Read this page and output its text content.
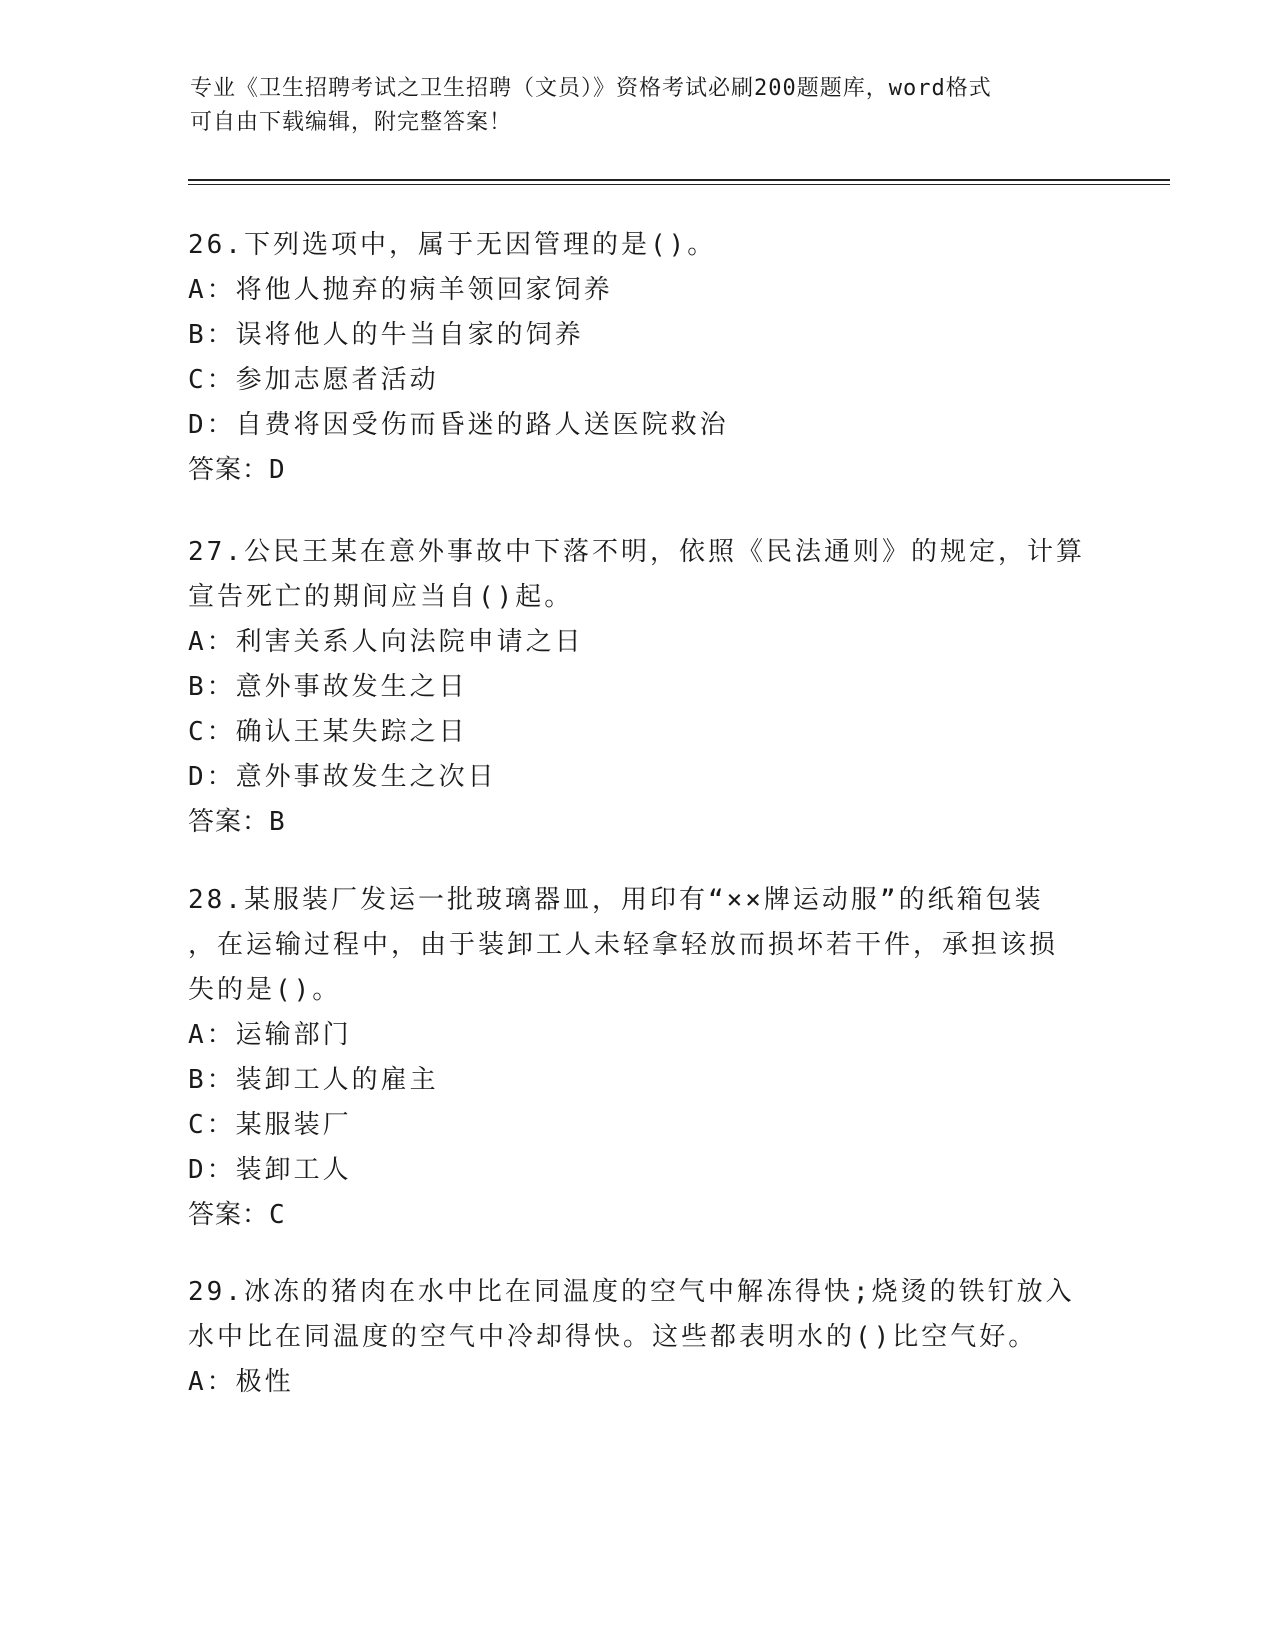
专业《卫生招聘考试之卫生招聘（文员）》资格考试必刷200题题库，word格式
可自由下载编辑，附完整答案！
26.下列选项中，属于无因管理的是()。
A：将他人抛弃的病羊领回家饲养
B：误将他人的牛当自家的饲养
C：参加志愿者活动
D：自费将因受伤而昏迷的路人送医院救治
答案：D
27.公民王某在意外事故中下落不明，依照《民法通则》的规定，计算
宣告死亡的期间应当自()起。
A：利害关系人向法院申请之日
B：意外事故发生之日
C：确认王某失踪之日
D：意外事故发生之次日
答案：B
28.某服装厂发运一批玻璃器皿，用印有“××牌运动服”的纸箱包装
，在运输过程中，由于装卸工人未轻拿轻放而损坏若干件，承担该损
失的是()。
A：运输部门
B：装卸工人的雇主
C：某服装厂
D：装卸工人
答案：C
29.冰冻的猪肉在水中比在同温度的空气中解冻得快;烧烫的铁钉放入
水中比在同温度的空气中冷却得快。这些都表明水的()比空气好。
A：极性
